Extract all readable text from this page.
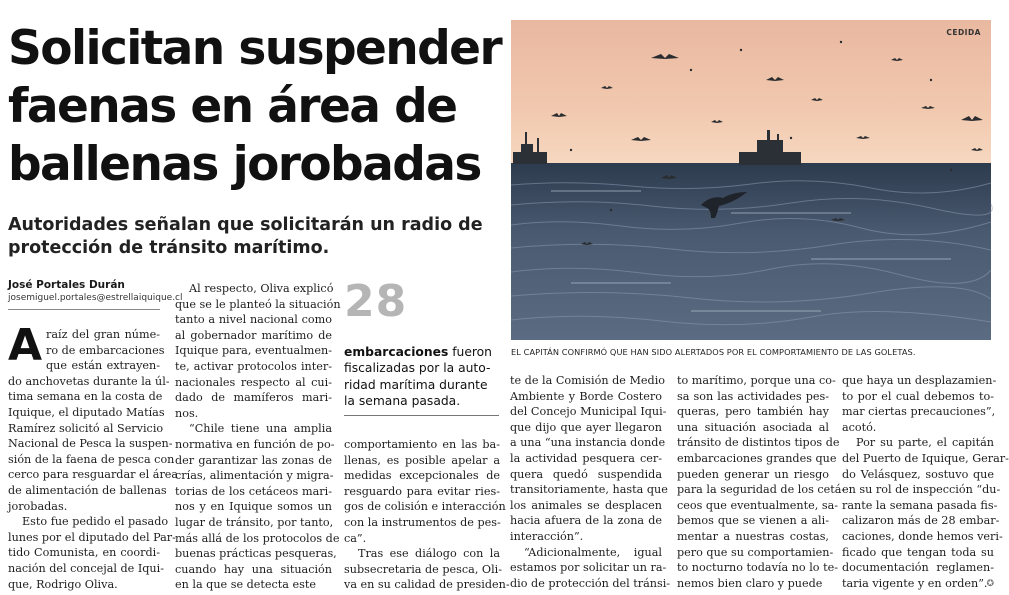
Solicitan suspender
faenas en área de
ballenas jorobadas
Autoridades señalan que solicitarán un radio de
protección de tránsito marítimo.
José Portales Durán
josemiguel.portales@estrellaiquique.cl
A raíz del gran núme-
ro de embarcaciones
que están extrayen-
do anchovetas durante la úl-
tima semana en la costa de
Iquique, el diputado Matías
Ramírez solicitó al Servicio
Nacional de Pesca la suspen-
sión de la faena de pesca con
cerco para resguardar el área
de alimentación de ballenas
jorobadas.
Esto fue pedido el pasado
lunes por el diputado del Par-
tido Comunista, en coordi-
nación del concejal de Iqui-
que, Rodrigo Oliva.
Al respecto, Oliva explicó
que se le planteó la situación
tanto a nivel nacional como
al gobernador marítimo de
Iquique para, eventualmen-
te, activar protocolos inter-
nacionales respecto al cui-
dado de mamíferos mari-
nos.
“Chile tiene una amplia
normativa en función de po-
der garantizar las zonas de
crías, alimentación y migra-
torias de los cetáceos mari-
nos y en Iquique somos un
lugar de tránsito, por tanto,
más allá de los protocolos de
buenas prácticas pesqueras,
cuando hay una situación
en la que se detecta este
28
embarcaciones fueron
fiscalizadas por la auto-
ridad marítima durante
la semana pasada.
comportamiento en las ba-
llenas, es posible apelar a
medidas excepcionales de
resguardo para evitar ries-
gos de colisión e interacción
con la instrumentos de pes-
ca”.
Tras ese diálogo con la
subsecretaria de pesca, Oli-
va en su calidad de presiden-
CEDIDA
EL CAPITÁN CONFIRMÓ QUE HAN SIDO ALERTADOS POR EL COMPORTAMIENTO DE LAS GOLETAS.
te de la Comisión de Medio
Ambiente y Borde Costero
del Concejo Municipal Iqui-
que dijo que ayer llegaron
a una “una instancia donde
la actividad pesquera cer-
quera quedó suspendida
transitoriamente, hasta que
los animales se desplacen
hacia afuera de la zona de
interacción”.
“Adicionalmente, igual
estamos por solicitar un ra-
dio de protección del tránsi-
to marítimo, porque una co-
sa son las actividades pes-
queras, pero también hay
una situación asociada al
tránsito de distintos tipos de
embarcaciones grandes que
pueden generar un riesgo
para la seguridad de los cetá-
ceos que eventualmente, sa-
bemos que se vienen a ali-
mentar a nuestras costas,
pero que su comportamien-
to nocturno todavía no lo te-
nemos bien claro y puede
que haya un desplazamien-
to por el cual debemos to-
mar ciertas precauciones”,
acotó.
Por su parte, el capitán
del Puerto de Iquique, Gerar-
do Velásquez, sostuvo que
en su rol de inspección “du-
rante la semana pasada fis-
calizaron más de 28 embar-
caciones, donde hemos veri-
ficado que tengan toda su
documentación reglamen-
taria vigente y en orden”.
✪
